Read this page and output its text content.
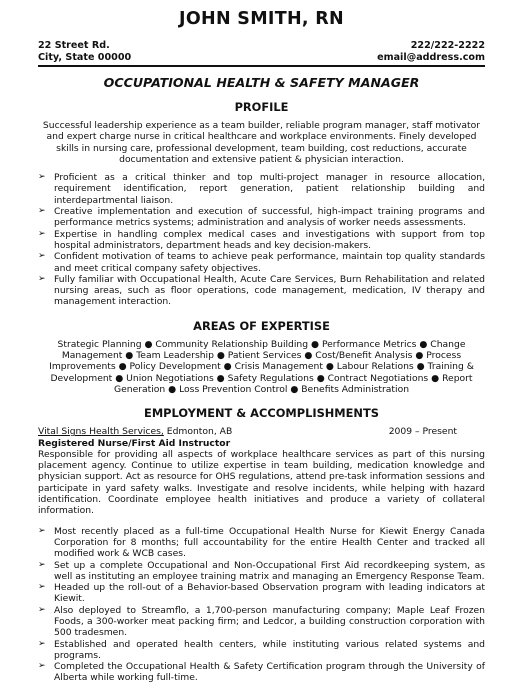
JOHN SMITH, RN
22 Street Rd.
City, State 00000
222/222-2222
email@address.com
OCCUPATIONAL HEALTH & SAFETY MANAGER
PROFILE
Successful leadership experience as a team builder, reliable program manager, staff motivator and expert charge nurse in critical healthcare and workplace environments. Finely developed skills in nursing care, professional development, team building, cost reductions, accurate documentation and extensive patient & physician interaction.
➢ Proficient as a critical thinker and top multi-project manager in resource allocation, requirement identification, report generation, patient relationship building and interdepartmental liaison.
➢ Creative implementation and execution of successful, high-impact training programs and performance metrics systems; administration and analysis of worker needs assessments.
➢ Expertise in handling complex medical cases and investigations with support from top hospital administrators, department heads and key decision-makers.
➢ Confident motivation of teams to achieve peak performance, maintain top quality standards and meet critical company safety objectives.
➢ Fully familiar with Occupational Health, Acute Care Services, Burn Rehabilitation and related nursing areas, such as floor operations, code management, medication, IV therapy and management interaction.
AREAS OF EXPERTISE
Strategic Planning ● Community Relationship Building ● Performance Metrics ● Change Management ● Team Leadership ● Patient Services ● Cost/Benefit Analysis ● Process Improvements ● Policy Development ● Crisis Management ● Labour Relations ● Training & Development ● Union Negotiations ● Safety Regulations ● Contract Negotiations ● Report Generation ● Loss Prevention Control ● Benefits Administration
EMPLOYMENT & ACCOMPLISHMENTS
Vital Signs Health Services, Edmonton, AB	2009 – Present
Registered Nurse/First Aid Instructor
Responsible for providing all aspects of workplace healthcare services as part of this nursing placement agency. Continue to utilize expertise in team building, medication knowledge and physician support. Act as resource for OHS regulations, attend pre-task information sessions and participate in yard safety walks. Investigate and resolve incidents, while helping with hazard identification. Coordinate employee health initiatives and produce a variety of collateral information.
➢ Most recently placed as a full-time Occupational Health Nurse for Kiewit Energy Canada Corporation for 8 months; full accountability for the entire Health Center and tracked all modified work & WCB cases.
➢ Set up a complete Occupational and Non-Occupational First Aid recordkeeping system, as well as instituting an employee training matrix and managing an Emergency Response Team.
➢ Headed up the roll-out of a Behavior-based Observation program with leading indicators at Kiewit.
➢ Also deployed to Streamflo, a 1,700-person manufacturing company; Maple Leaf Frozen Foods, a 300-worker meat packing firm; and Ledcor, a building construction corporation with 500 tradesmen.
➢ Established and operated health centers, while instituting various related systems and programs.
➢ Completed the Occupational Health & Safety Certification program through the University of Alberta while working full-time.
